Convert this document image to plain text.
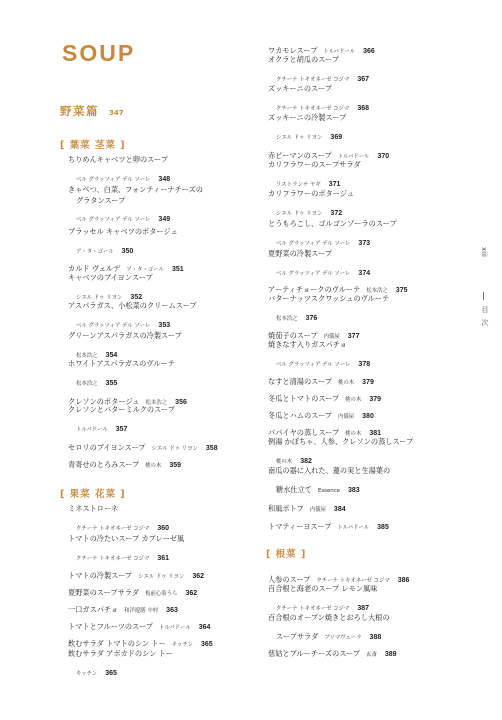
SOUP
野菜篇 347
[ 葉菜 茎菜 ]
[ 果菜 花菜 ]
[ 根菜 ]
ちりめんキャベツと卵のスープ
ベル グラッツィア デル ソーレ 348
きゃべつ、白菜、フォンティーナチーズの
グラタンスープ
ベル グラッツィア デル ソーレ 349
ブラッセル キャベツのポタージュ
ア・タ・ゴール 350
カルド ヴェルデ ア・タ・ゴール 351
キャベツのブイヨンスープ
シエル ドゥ リヨン 352
アスパラガス、小松菜のクリームスープ
ベル グラッツィア デル ソーレ 353
グリーンアスパラガスの冷製スープ
松本浩之 354
ホワイトアスパラガスのヴルーテ
松本浩之 355
クレソンのポタージュ 松本浩之 356
クレソンとバターミルクのスープ
トルバドール 357
セロリのブイヨンスープ シエル ドゥ リヨン 358
青寄せのとろみスープ 桃の木 359
ミネストローネ
クチーナ トキオネーゼ コジマ 360
トマトの冷たいスープ カプレーゼ風
クチーナ トキオネーゼ コジマ 361
トマトの冷製スープ シエル ドゥ リヨン 362
夏野菜のスープサラダ 板前心菊うら 362
一口ガスパチョ 和洋遊膳 中村 363
トマトとフルーツのスープ トルバドール 364
飲むサラダ トマトのシン トー キッチン 365
飲むサラダ アボカドのシン トー
キッチン 365
ワカモレスープ トルバドール 366
オクラと胡瓜のスープ
クチーナ トキオネーゼ コジマ 367
ズッキーニのスープ
クチーナ トキオネーゼ コジマ 368
ズッキーニの冷製スープ
シエル ドゥ リヨン 369
赤ピーマンのスープ トルバドール 370
カリフラワーのスープサラダ
リストランテ ヤギ 371
カリフラワーのポタージュ
シエル ドゥ リヨン 372
とうもろこし、ゴルゴンゾーラのスープ
ベル グラッツィア デル ソーレ 373
夏野菜の冷製スープ
ベル グラッツィア デル ソーレ 374
アーティチョークのヴルーテ 松本浩之 375
バターナッツスクワッシュのヴルーテ
松本浩之 376
焼茄子のスープ 内儀屋 377
焼きなす入りガスパチョ
ベル グラッツィア デル ソーレ 378
なすと清湯のスープ 桃の木 379
冬瓜とトマトのスープ 桃の木 379
冬瓜とハムのスープ 内儀屋 380
パパイヤの蒸しスープ 桃の木 381
例湯 かぼちゃ、人参、クレソンの蒸しスープ
桃の木 382
南瓜の器に入れた、蓮の実と生湯葉の
糖水仕立て Essence 383
和風ポトフ 内儀屋 384
トマティーヨスープ トルバドール 385
人参のスープ クチーナ トキオネーゼ コジマ 386
百合根と海老のスープ レモン風味
クチーナ トキオネーゼ コジマ 387
百合根のオーブン焼きとおろし大根の
スープサラダ ブリマヴューラ 388
慈姑とブルーチーズのスープ 玄斎 389
xiii
目次
